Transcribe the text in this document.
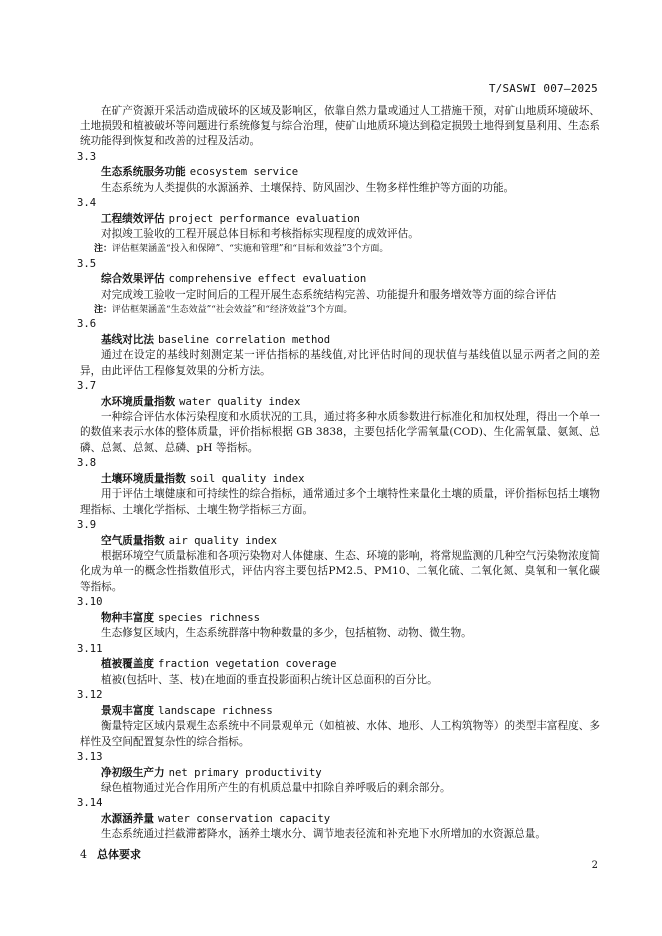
T/SASWI 007—2025

在矿产资源开采活动造成破坏的区域及影响区，依靠自然力量或通过人工措施干预，对矿山地质环境破坏、土地损毁和植被破坏等问题进行系统修复与综合治理，使矿山地质环境达到稳定损毁土地得到复垦利用、生态系统功能得到恢复和改善的过程及活动。

3.3

生态系统服务功能 ecosystem service

生态系统为人类提供的水源涵养、土壤保持、防风固沙、生物多样性维护等方面的功能。

3.4

工程绩效评估 project performance evaluation

对拟竣工验收的工程开展总体目标和考核指标实现程度的成效评估。

注：评估框架涵盖“投入和保障”、“实施和管理”和“目标和效益”3个方面。

3.5

综合效果评估 comprehensive effect evaluation

对完成竣工验收一定时间后的工程开展生态系统结构完善、功能提升和服务增效等方面的综合评估

注：评估框架涵盖“生态效益”“社会效益”和“经济效益”3个方面。

3.6

基线对比法 baseline correlation method

通过在设定的基线时刻测定某一评估指标的基线值,对比评估时间的现状值与基线值以显示两者之间的差异，由此评估工程修复效果的分析方法。

3.7

水环境质量指数 water quality index

一种综合评估水体污染程度和水质状况的工具，通过将多种水质参数进行标准化和加权处理，得出一个单一的数值来表示水体的整体质量，评价指标根据 GB 3838，主要包括化学需氧量(COD)、生化需氧量、氨氮、总磷、总氮、总氮、总磷、pH 等指标。

3.8

土壤环境质量指数 soil quality index

用于评估土壤健康和可持续性的综合指标，通常通过多个土壤特性来量化土壤的质量，评价指标包括土壤物理指标、土壤化学指标、土壤生物学指标三方面。

3.9

空气质量指数 air quality index

根据环境空气质量标准和各项污染物对人体健康、生态、环境的影响，将常规监测的几种空气污染物浓度简化成为单一的概念性指数值形式，评估内容主要包括PM2.5、PM10、二氧化硫、二氧化氮、臭氧和一氧化碳等指标。

3.10

物种丰富度 species richness

生态修复区域内，生态系统群落中物种数量的多少，包括植物、动物、微生物。

3.11

植被覆盖度 fraction vegetation coverage

植被(包括叶、茎、枝)在地面的垂直投影面积占统计区总面积的百分比。

3.12

景观丰富度 landscape richness

衡量特定区域内景观生态系统中不同景观单元（如植被、水体、地形、人工构筑物等）的类型丰富程度、多样性及空间配置复杂性的综合指标。

3.13

净初级生产力 net primary productivity

绿色植物通过光合作用所产生的有机质总量中扣除自养呼吸后的剩余部分。

3.14

水源涵养量 water conservation capacity

生态系统通过拦截滞蓄降水，涵养土壤水分、调节地表径流和补充地下水所增加的水资源总量。

4 总体要求
2
